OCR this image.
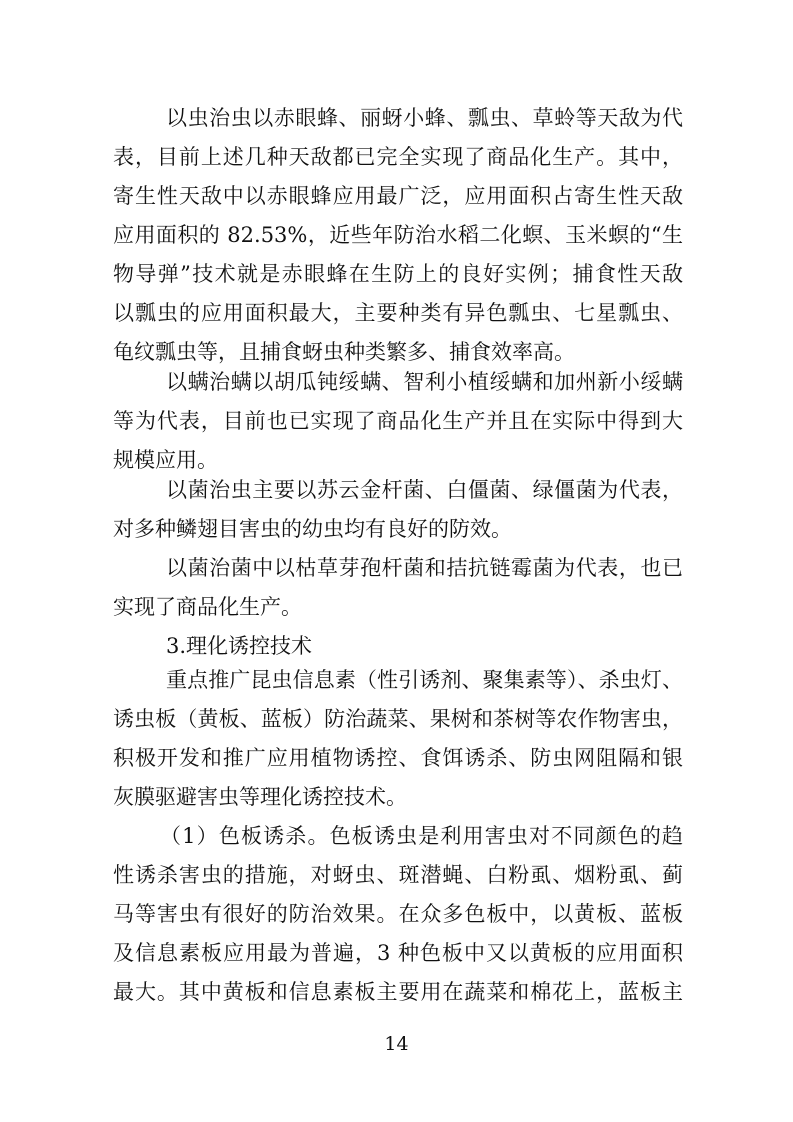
以虫治虫以赤眼蜂、丽蚜小蜂、瓢虫、草蛉等天敌为代
表，目前上述几种天敌都已完全实现了商品化生产。其中，
寄生性天敌中以赤眼蜂应用最广泛，应用面积占寄生性天敌
应用面积的 82.53%，近些年防治水稻二化螟、玉米螟的“生
物导弹”技术就是赤眼蜂在生防上的良好实例；捕食性天敌
以瓢虫的应用面积最大，主要种类有异色瓢虫、七星瓢虫、
龟纹瓢虫等，且捕食蚜虫种类繁多、捕食效率高。
以螨治螨以胡瓜钝绥螨、智利小植绥螨和加州新小绥螨
等为代表，目前也已实现了商品化生产并且在实际中得到大
规模应用。
以菌治虫主要以苏云金杆菌、白僵菌、绿僵菌为代表，
对多种鳞翅目害虫的幼虫均有良好的防效。
以菌治菌中以枯草芽孢杆菌和拮抗链霉菌为代表，也已
实现了商品化生产。
3.理化诱控技术
重点推广昆虫信息素（性引诱剂、聚集素等）、杀虫灯、
诱虫板（黄板、蓝板）防治蔬菜、果树和茶树等农作物害虫，
积极开发和推广应用植物诱控、食饵诱杀、防虫网阻隔和银
灰膜驱避害虫等理化诱控技术。
（1）色板诱杀。色板诱虫是利用害虫对不同颜色的趋
性诱杀害虫的措施，对蚜虫、斑潜蝇、白粉虱、烟粉虱、蓟
马等害虫有很好的防治效果。在众多色板中，以黄板、蓝板
及信息素板应用最为普遍，3 种色板中又以黄板的应用面积
最大。其中黄板和信息素板主要用在蔬菜和棉花上，蓝板主
14
